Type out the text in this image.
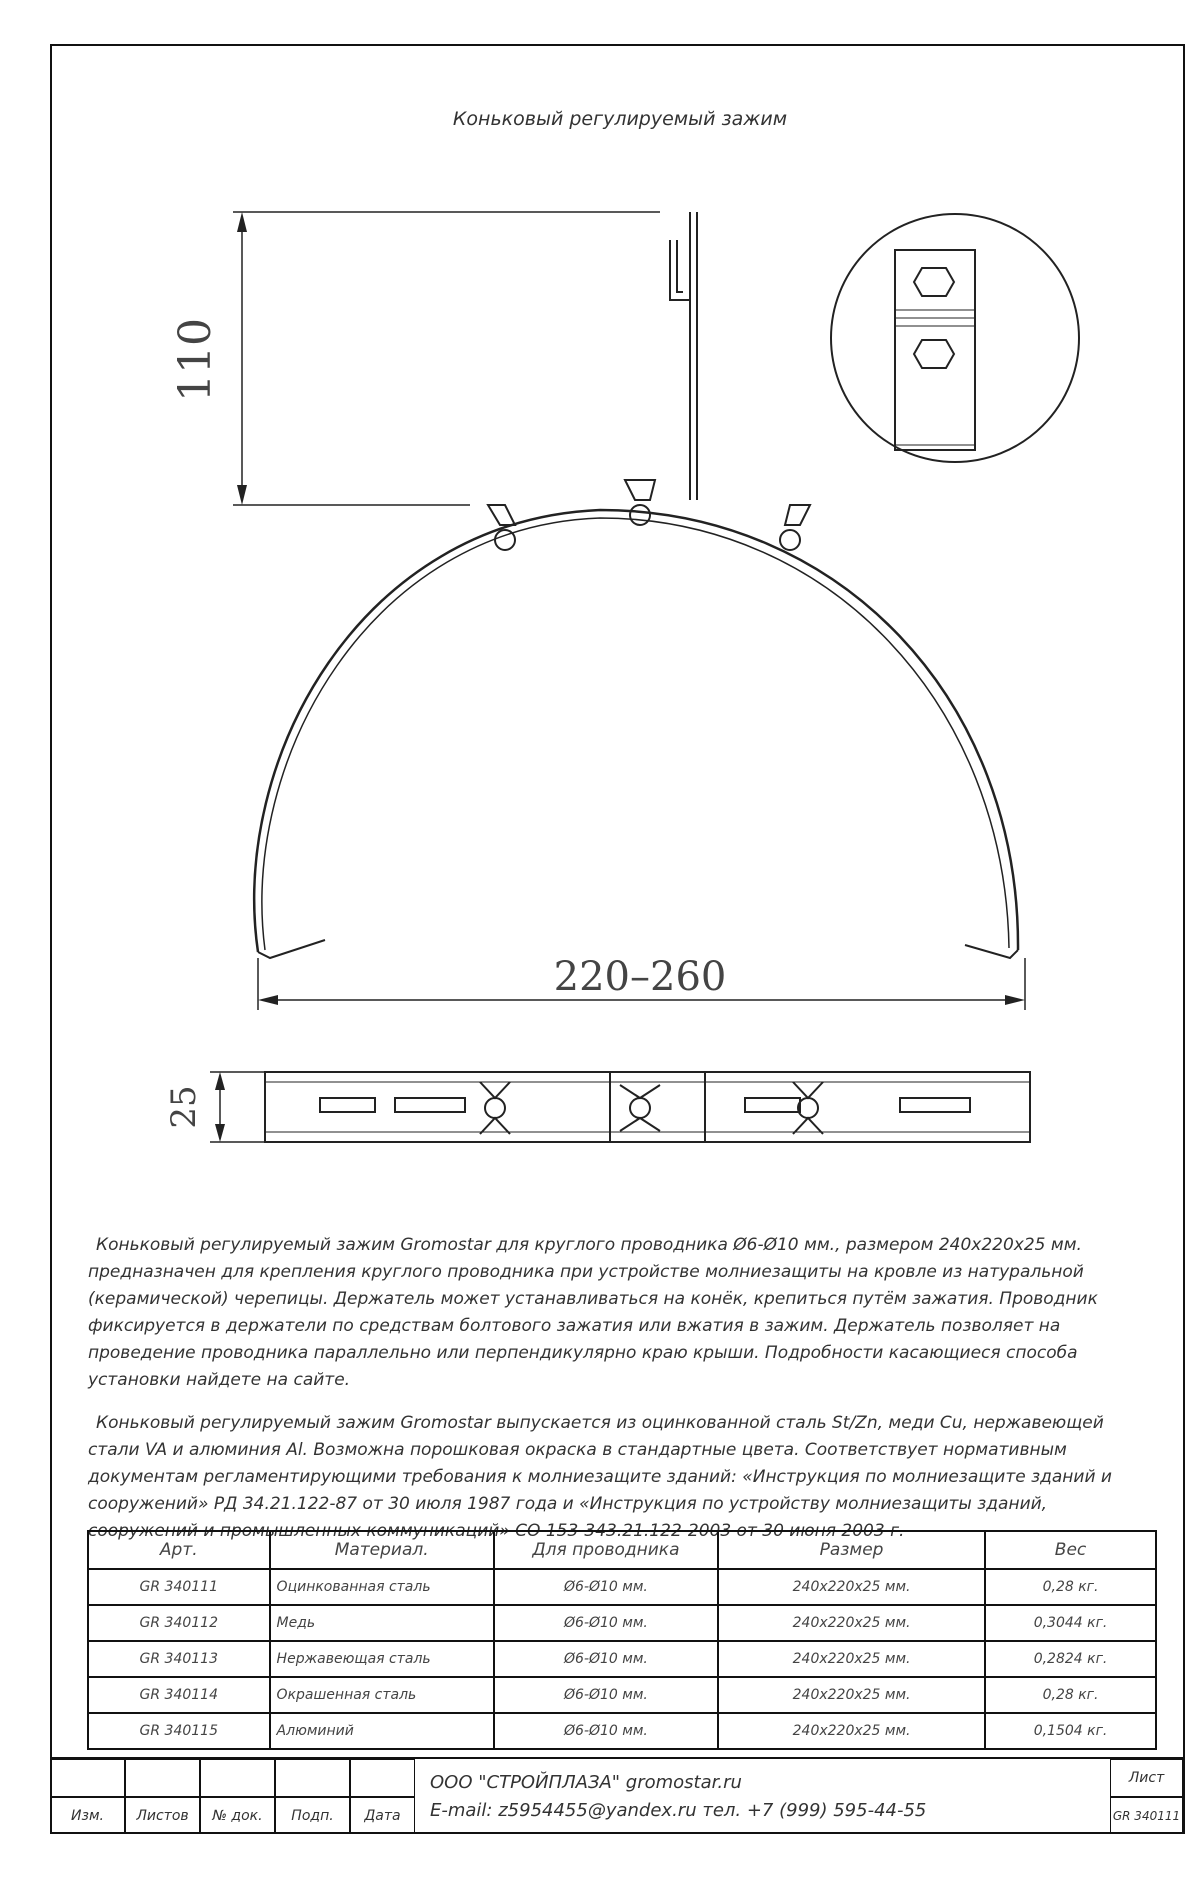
Коньковый регулируемый зажим
110
220–260
25

Коньковый регулируемый зажим Gromostar для круглого проводника Ø6-Ø10 мм., размером 240x220x25 мм. предназначен для крепления круглого проводника при устройстве молниезащиты на кровле из натуральной (керамической) черепицы. Держатель может устанавливаться на конёк, крепиться путём зажатия. Проводник фиксируется в держатели по средствам болтового зажатия или вжатия в зажим. Держатель позволяет на проведение проводника параллельно или перпендикулярно краю крыши. Подробности касающиеся способа установки найдете на сайте.

Коньковый регулируемый зажим Gromostar выпускается из оцинкованной сталь St/Zn, меди Cu, нержавеющей стали VA и алюминия Al. Возможна порошковая окраска в стандартные цвета. Соответствует нормативным документам регламентирующими требования к молниезащите зданий: «Инструкция по молниезащите зданий и сооружений» РД 34.21.122-87 от 30 июля 1987 года и «Инструкция по устройству молниезащиты зданий, сооружений и промышленных коммуникаций» СО 153-343.21.122-2003 от 30 июня 2003 г.

Арт.	Материал.	Для проводника	Размер	Вес
GR 340111	Оцинкованная сталь	Ø6-Ø10 мм.	240x220x25 мм.	0,28 кг.
GR 340112	Медь	Ø6-Ø10 мм.	240x220x25 мм.	0,3044 кг.
GR 340113	Нержавеющая сталь	Ø6-Ø10 мм.	240x220x25 мм.	0,2824 кг.
GR 340114	Окрашенная сталь	Ø6-Ø10 мм.	240x220x25 мм.	0,28 кг.
GR 340115	Алюминий	Ø6-Ø10 мм.	240x220x25 мм.	0,1504 кг.
Изм.	Листов	№ док.	Подп.	Дата
ООО "СТРОЙПЛАЗА" gromostar.ru
E-mail: z5954455@yandex.ru тел. +7 (999) 595-44-55
Лист
GR 340111
